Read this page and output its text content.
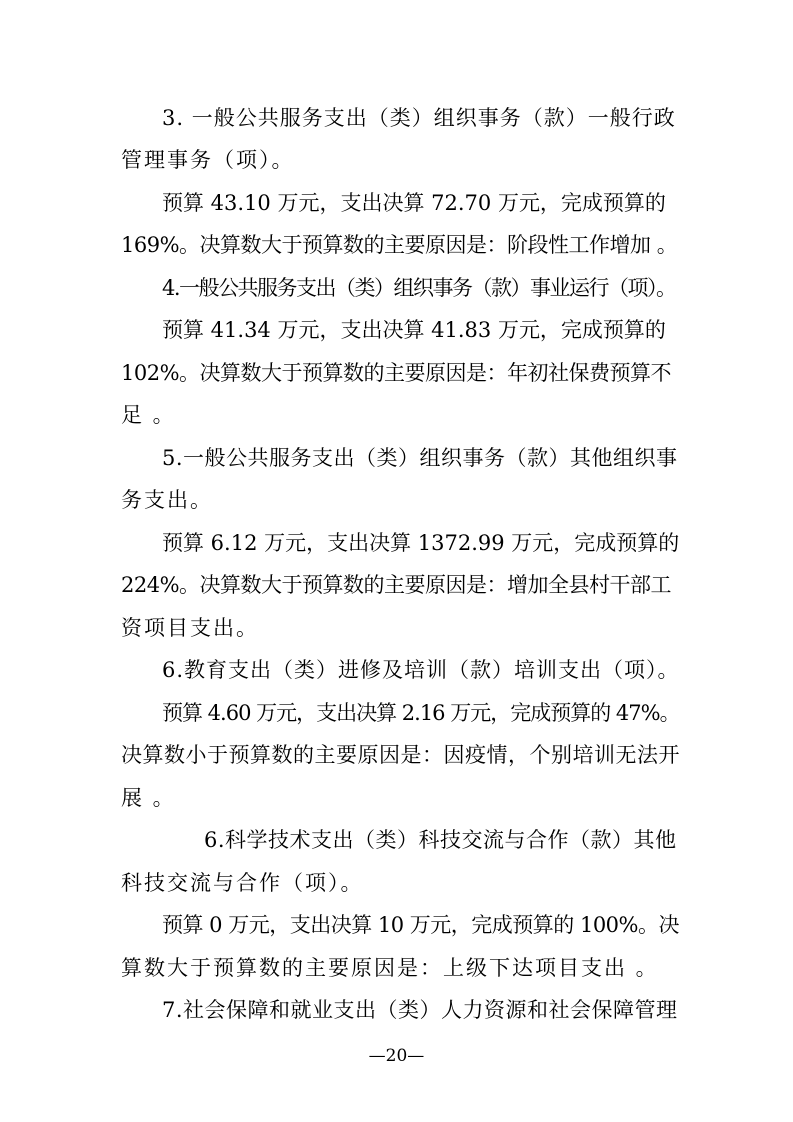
3. 一般公共服务支出（类）组织事务（款）一般行政
管理事务（项）。
预算 43.10 万元，支出决算 72.70 万元，完成预算的
169%。决算数大于预算数的主要原因是：阶段性工作增加 。
4.一般公共服务支出（类）组织事务（款）事业运行（项）。
预算 41.34 万元，支出决算 41.83 万元，完成预算的
102%。决算数大于预算数的主要原因是：年初社保费预算不
足 。
5.一般公共服务支出（类）组织事务（款）其他组织事
务支出。
预算 6.12 万元，支出决算 1372.99 万元，完成预算的
224%。决算数大于预算数的主要原因是：增加全县村干部工
资项目支出。
6.教育支出（类）进修及培训（款）培训支出（项）。
预算 4.60 万元，支出决算 2.16 万元，完成预算的 47%。
决算数小于预算数的主要原因是：因疫情，个别培训无法开
展 。
6.科学技术支出（类）科技交流与合作（款）其他
科技交流与合作（项）。
预算 0 万元，支出决算 10 万元，完成预算的 100%。决
算数大于预算数的主要原因是：上级下达项目支出 。
7.社会保障和就业支出（类）人力资源和社会保障管理
—20—
